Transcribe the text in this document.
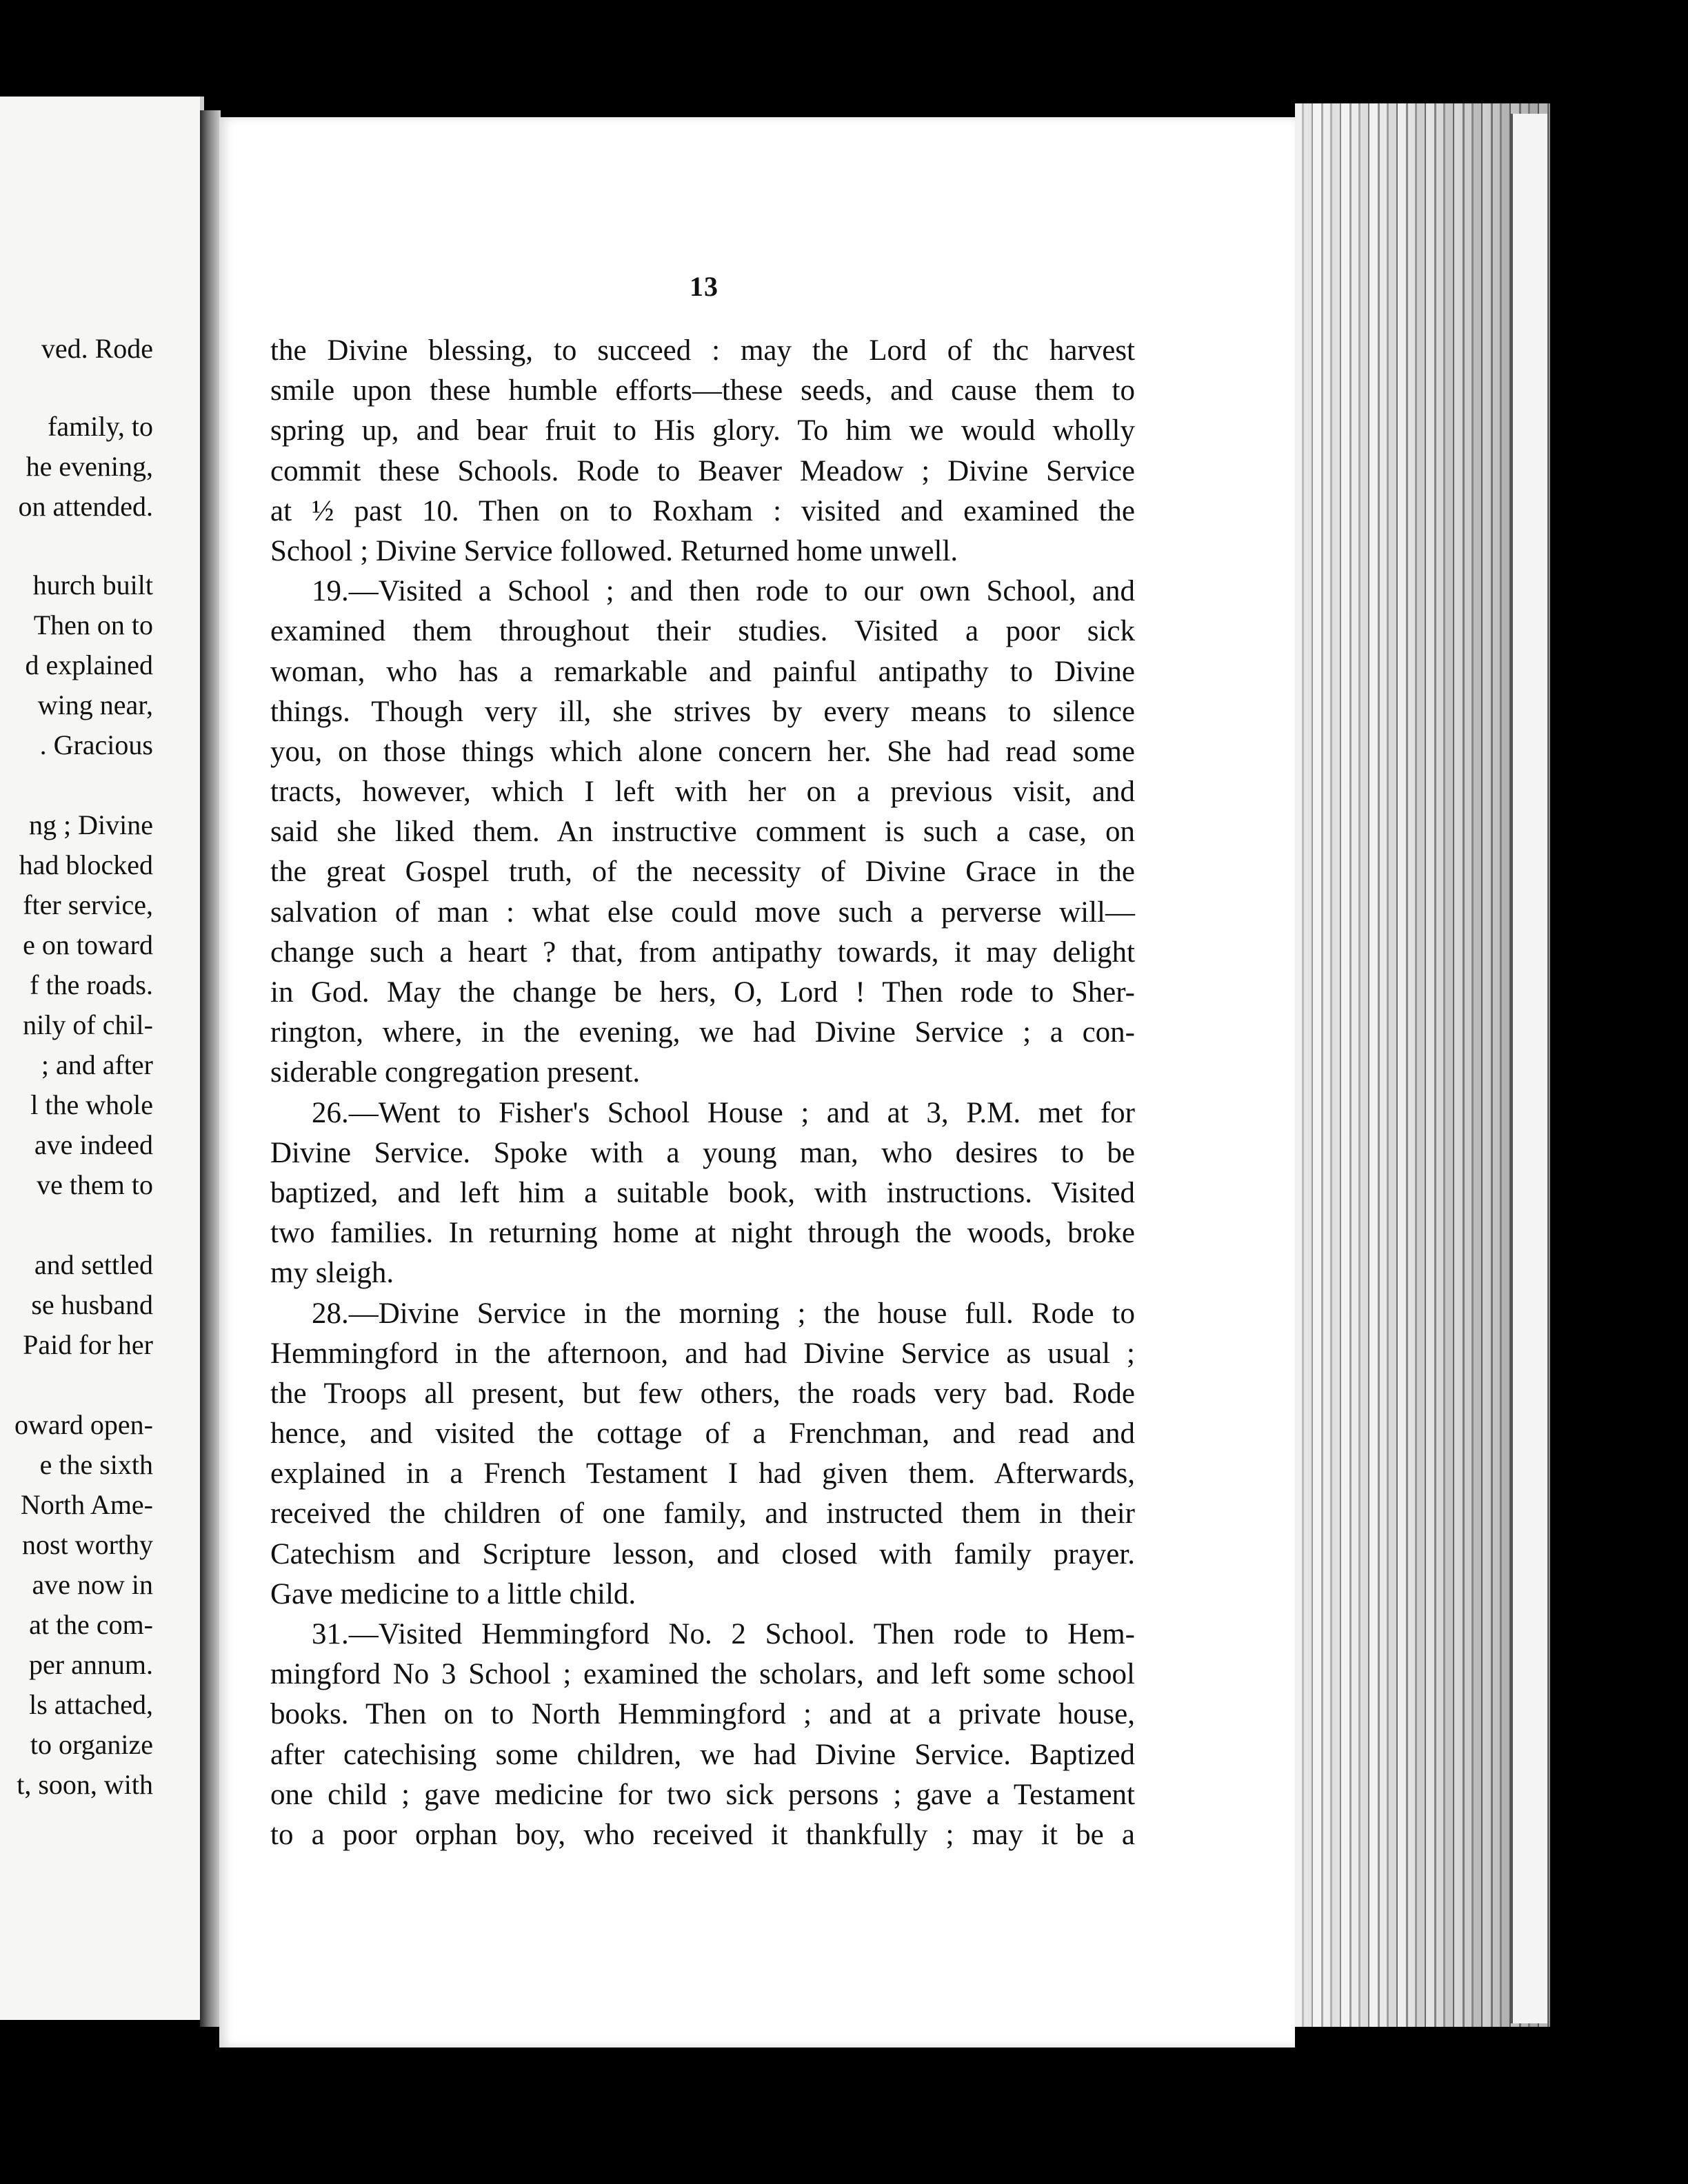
ved. Rode
family, to
he evening,
on attended.
hurch built
Then on to
d explained
wing near,
. Gracious
ng ; Divine
had blocked
fter service,
e on toward
f the roads.
nily of chil-
; and after
l the whole
ave indeed
ve them to
and settled
se husband
Paid for her
oward open-
e the sixth
North Ame-
nost worthy
ave now in
at the com-
per annum.
ls attached,
to organize
t, soon, with
13
the Divine blessing, to succeed : may the Lord of thc harvest
smile upon these humble efforts—these seeds, and cause them to
spring up, and bear fruit to His glory. To him we would wholly
commit these Schools. Rode to Beaver Meadow ; Divine Service
at ½ past 10. Then on to Roxham : visited and examined the
School ; Divine Service followed. Returned home unwell.
19.—Visited a School ; and then rode to our own School, and
examined them throughout their studies. Visited a poor sick
woman, who has a remarkable and painful antipathy to Divine
things. Though very ill, she strives by every means to silence
you, on those things which alone concern her. She had read some
tracts, however, which I left with her on a previous visit, and
said she liked them. An instructive comment is such a case, on
the great Gospel truth, of the necessity of Divine Grace in the
salvation of man : what else could move such a perverse will—
change such a heart ? that, from antipathy towards, it may delight
in God. May the change be hers, O, Lord ! Then rode to Sher-
rington, where, in the evening, we had Divine Service ; a con-
siderable congregation present.
26.—Went to Fisher's School House ; and at 3, P.M. met for
Divine Service. Spoke with a young man, who desires to be
baptized, and left him a suitable book, with instructions. Visited
two families. In returning home at night through the woods, broke
my sleigh.
28.—Divine Service in the morning ; the house full. Rode to
Hemmingford in the afternoon, and had Divine Service as usual ;
the Troops all present, but few others, the roads very bad. Rode
hence, and visited the cottage of a Frenchman, and read and
explained in a French Testament I had given them. Afterwards,
received the children of one family, and instructed them in their
Catechism and Scripture lesson, and closed with family prayer.
Gave medicine to a little child.
31.—Visited Hemmingford No. 2 School. Then rode to Hem-
mingford No 3 School ; examined the scholars, and left some school
books. Then on to North Hemmingford ; and at a private house,
after catechising some children, we had Divine Service. Baptized
one child ; gave medicine for two sick persons ; gave a Testament
to a poor orphan boy, who received it thankfully ; may it be a
